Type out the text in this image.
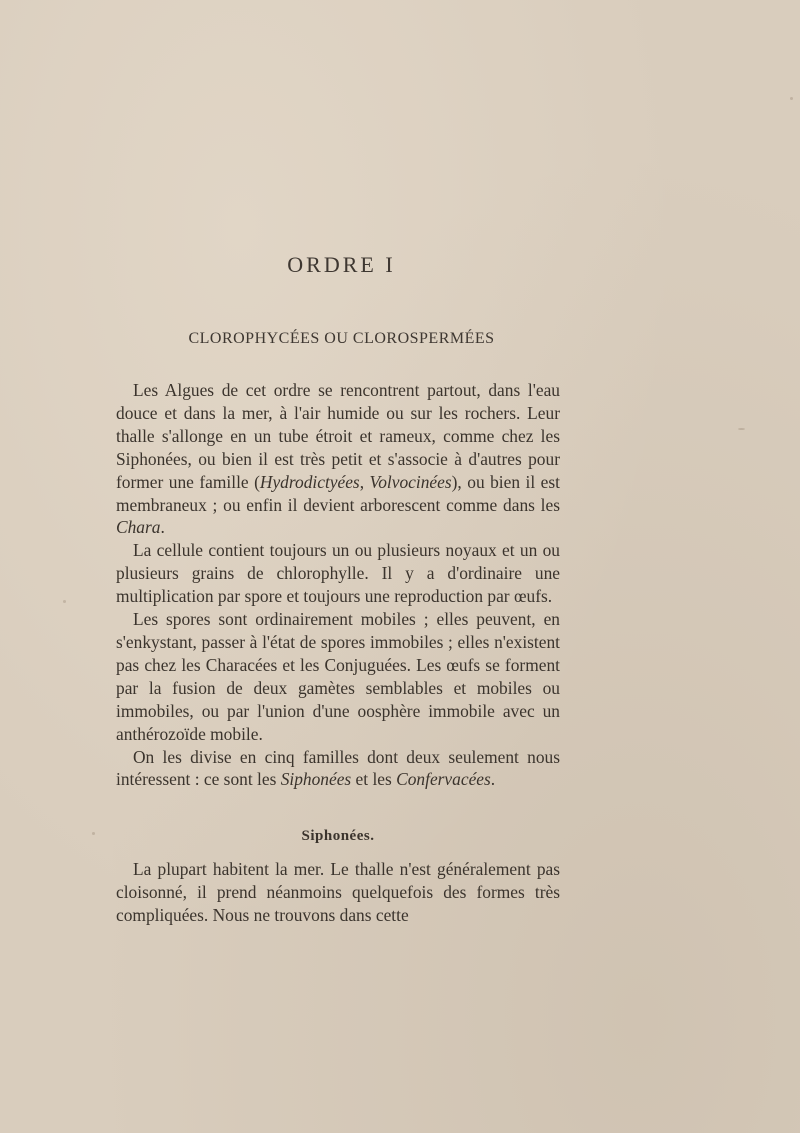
ORDRE I
CLOROPHYCÉES OU CLOROSPERMÉES

Les Algues de cet ordre se rencontrent partout, dans l'eau douce et dans la mer, à l'air humide ou sur les rochers. Leur thalle s'allonge en un tube étroit et rameux, comme chez les Siphonées, ou bien il est très petit et s'associe à d'autres pour former une famille (Hydrodictyées, Volvocinées), ou bien il est membraneux ; ou enfin il devient arborescent comme dans les Chara.

La cellule contient toujours un ou plusieurs noyaux et un ou plusieurs grains de chlorophylle. Il y a d'ordinaire une multiplication par spore et toujours une reproduction par œufs.

Les spores sont ordinairement mobiles ; elles peuvent, en s'enkystant, passer à l'état de spores immobiles ; elles n'existent pas chez les Characées et les Conjuguées. Les œufs se forment par la fusion de deux gamètes semblables et mobiles ou immobiles, ou par l'union d'une oosphère immobile avec un anthérozoïde mobile.

On les divise en cinq familles dont deux seulement nous intéressent : ce sont les Siphonées et les Confervacées.

Siphonées.

La plupart habitent la mer. Le thalle n'est généralement pas cloisonné, il prend néanmoins quelquefois des formes très compliquées. Nous ne trouvons dans cette
